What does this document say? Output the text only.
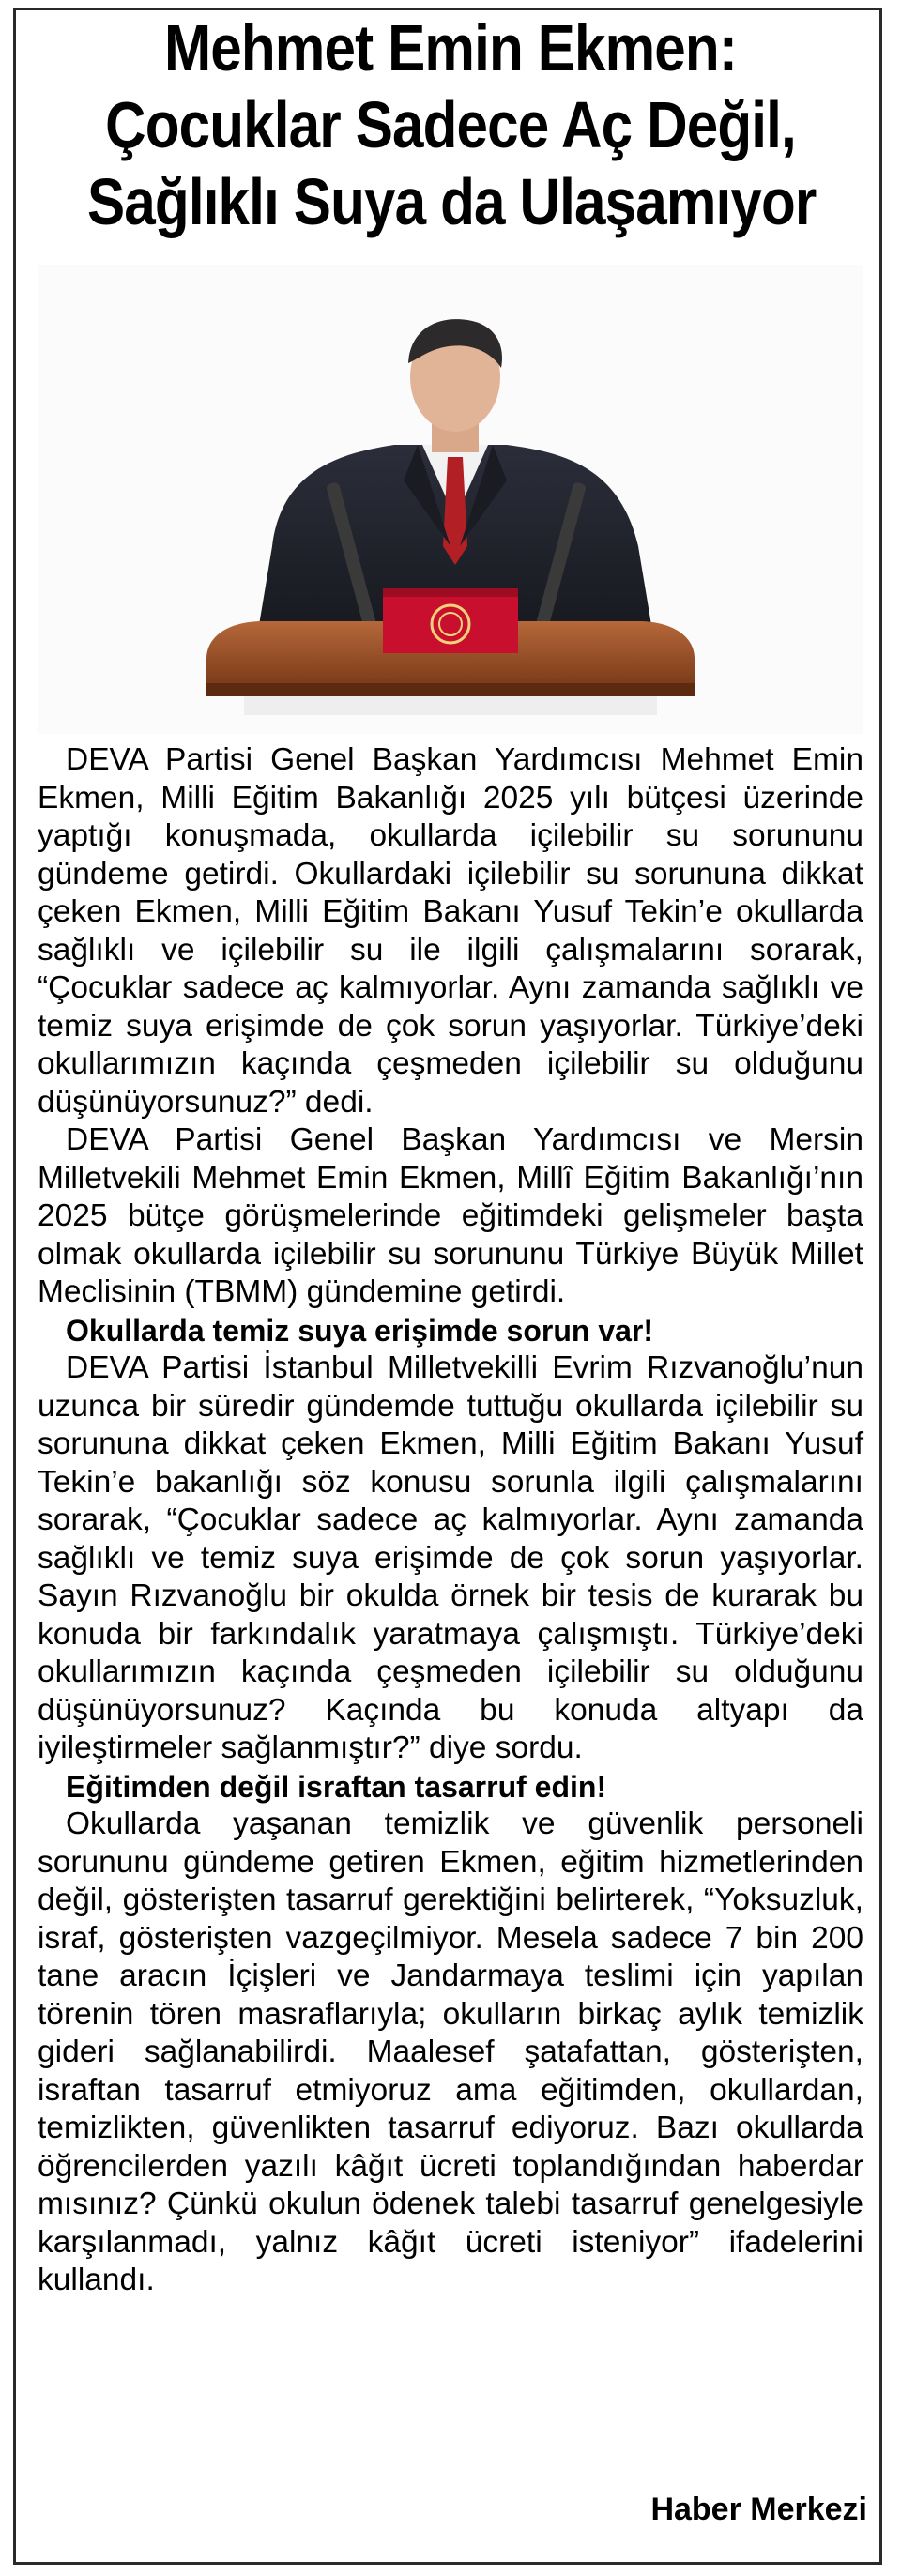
Mehmet Emin Ekmen:
Çocuklar Sadece Aç Değil,
Sağlıklı Suya da Ulaşamıyor

DEVA Partisi Genel Başkan Yardımcısı Mehmet Emin Ekmen, Milli Eğitim Bakanlığı 2025 yılı bütçesi üzerinde yaptığı konuşmada, okullarda içilebilir su sorununu gündeme getirdi. Okullardaki içilebilir su sorununa dikkat çeken Ekmen, Milli Eğitim Bakanı Yusuf Tekin’e okullarda sağlıklı ve içilebilir su ile ilgili çalışmalarını sorarak, “Çocuklar sadece aç kalmıyorlar. Aynı zamanda sağlıklı ve temiz suya erişimde de çok sorun yaşıyorlar. Türkiye’deki okullarımızın kaçında çeşmeden içilebilir su olduğunu düşünüyorsunuz?” dedi.

DEVA Partisi Genel Başkan Yardımcısı ve Mersin Milletvekili Mehmet Emin Ekmen, Millî Eğitim Bakanlığı’nın 2025 bütçe görüşmelerinde eğitimdeki gelişmeler başta olmak okullarda içilebilir su sorununu Türkiye Büyük Millet Meclisinin (TBMM) gündemine getirdi.

Okullarda temiz suya erişimde sorun var!

DEVA Partisi İstanbul Milletvekilli Evrim Rızvanoğlu’nun uzunca bir süredir gündemde tuttuğu okullarda içilebilir su sorununa dikkat çeken Ekmen, Milli Eğitim Bakanı Yusuf Tekin’e bakanlığı söz konusu sorunla ilgili çalışmalarını sorarak, “Çocuklar sadece aç kalmıyorlar. Aynı zamanda sağlıklı ve temiz suya erişimde de çok sorun yaşıyorlar. Sayın Rızvanoğlu bir okulda örnek bir tesis de kurarak bu konuda bir farkındalık yaratmaya çalışmıştı. Türkiye’deki okullarımızın kaçında çeşmeden içilebilir su olduğunu düşünüyorsunuz? Kaçında bu konuda altyapı da iyileştirmeler sağlanmıştır?” diye sordu.

Eğitimden değil israftan tasarruf edin!

Okullarda yaşanan temizlik ve güvenlik personeli sorununu gündeme getiren Ekmen, eğitim hizmetlerinden değil, gösterişten tasarruf gerektiğini belirterek, “Yoksuzluk, israf, gösterişten vazgeçilmiyor. Mesela sadece 7 bin 200 tane aracın İçişleri ve Jandarmaya teslimi için yapılan törenin tören masraflarıyla; okulların birkaç aylık temizlik gideri sağlanabilirdi. Maalesef şatafattan, gösterişten, israftan tasarruf etmiyoruz ama eğitimden, okullardan, temizlikten, güvenlikten tasarruf ediyoruz. Bazı okullarda öğrencilerden yazılı kâğıt ücreti toplandığından haberdar mısınız? Çünkü okulun ödenek talebi tasarruf genelgesiyle karşılanmadı, yalnız kâğıt ücreti isteniyor” ifadelerini kullandı.

Haber Merkezi
